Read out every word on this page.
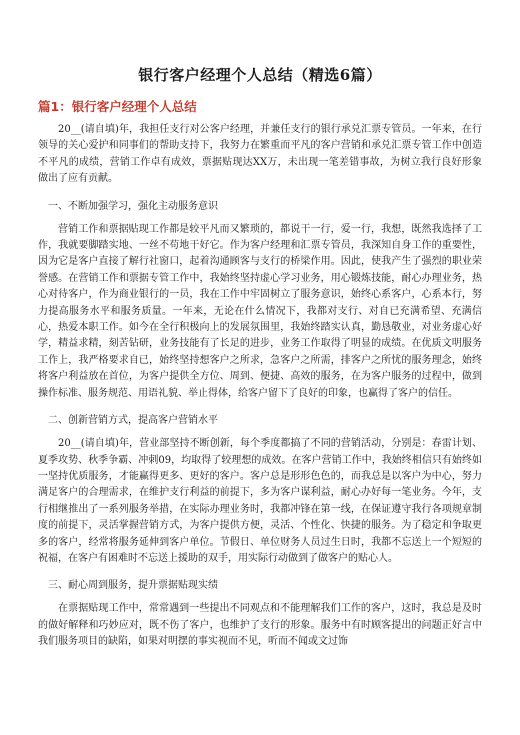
银行客户经理个人总结（精选6篇）
篇1：银行客户经理个人总结

20__(请自填)年，我担任支行对公客户经理，并兼任支行的银行承兑汇票专管员。一年来，在行领导的关心爱护和同事们的帮助支持下，我努力在繁重而平凡的客户营销和承兑汇票专管工作中创造不平凡的成绩，营销工作卓有成效，票据贴现达XX万，未出现一笔差错事故，为树立我行良好形象做出了应有贡献。

一、不断加强学习，强化主动服务意识

营销工作和票据贴现工作都是较平凡而又繁琐的，都说干一行，爱一行，我想，既然我选择了工作，我就要脚踏实地、一丝不苟地干好它。作为客户经理和汇票专管员，我深知自身工作的重要性，因为它是客户直接了解行社窗口，起着沟通顾客与支行的桥梁作用。因此，使我产生了强烈的职业荣誉感。在营销工作和票据专管工作中，我始终坚持虚心学习业务，用心锻炼技能，耐心办理业务，热心对待客户，作为商业银行的一员，我在工作中牢固树立了服务意识，始终心系客户，心系本行，努力提高服务水平和服务质量。一年来，无论在什么情况下，我都对支行、对自已充满希望、充满信心，热爱本职工作。如今在全行积极向上的发展氛围里，我始终踏实认真，勤恳敬业，对业务虚心好学，精益求精，刻苦钻研，业务技能有了长足的进步，业务工作取得了明显的成绩。在优质文明服务工作上，我严格要求自已，始终坚持想客户之所求，急客户之所需，排客户之所忧的服务理念，始终将客户利益放在首位，为客户提供全方位、周到、便捷、高效的服务，在为客户服务的过程中，做到操作标准、服务规范、用语礼貌、举止得体，给客户留下了良好的印象，也赢得了客户的信任。

二、创新营销方式，提高客户营销水平

20__(请自填)年，营业部坚持不断创新，每个季度都搞了不同的营销活动，分别是：春雷计划、夏季攻势、秋季争霸、冲刺09，均取得了较理想的成效。在客户营销工作中，我始终相信只有始终如一坚持优质服务，才能赢得更多、更好的客户。客户总是形形色色的，而我总是以客户为中心，努力满足客户的合理需求，在维护支行利益的前提下，多为客户谋利益，耐心办好每一笔业务。今年，支行相继推出了一系列服务举措，在实际办理业务时，我都冲锋在第一线，在保证遵守我行各项规章制度的前提下，灵活掌握营销方式，为客户提供方便，灵活、个性化、快捷的服务。为了稳定和争取更多的客户，经常将服务延伸到客户单位。节假日、单位财务人员过生日时，我都不忘送上一个短短的祝福，在客户有困难时不忘送上援助的双手，用实际行动做到了做客户的贴心人。

三、耐心周到服务，提升票据贴现实绩

在票据贴现工作中，常常遇到一些提出不同观点和不能理解我们工作的客户，这时，我总是及时的做好解释和巧妙应对，既不伤了客户，也维护了支行的形象。服务中有时顾客提出的问题正好言中我们服务项目的缺陷，如果对明摆的事实视而不见，听而不闻或文过饰
